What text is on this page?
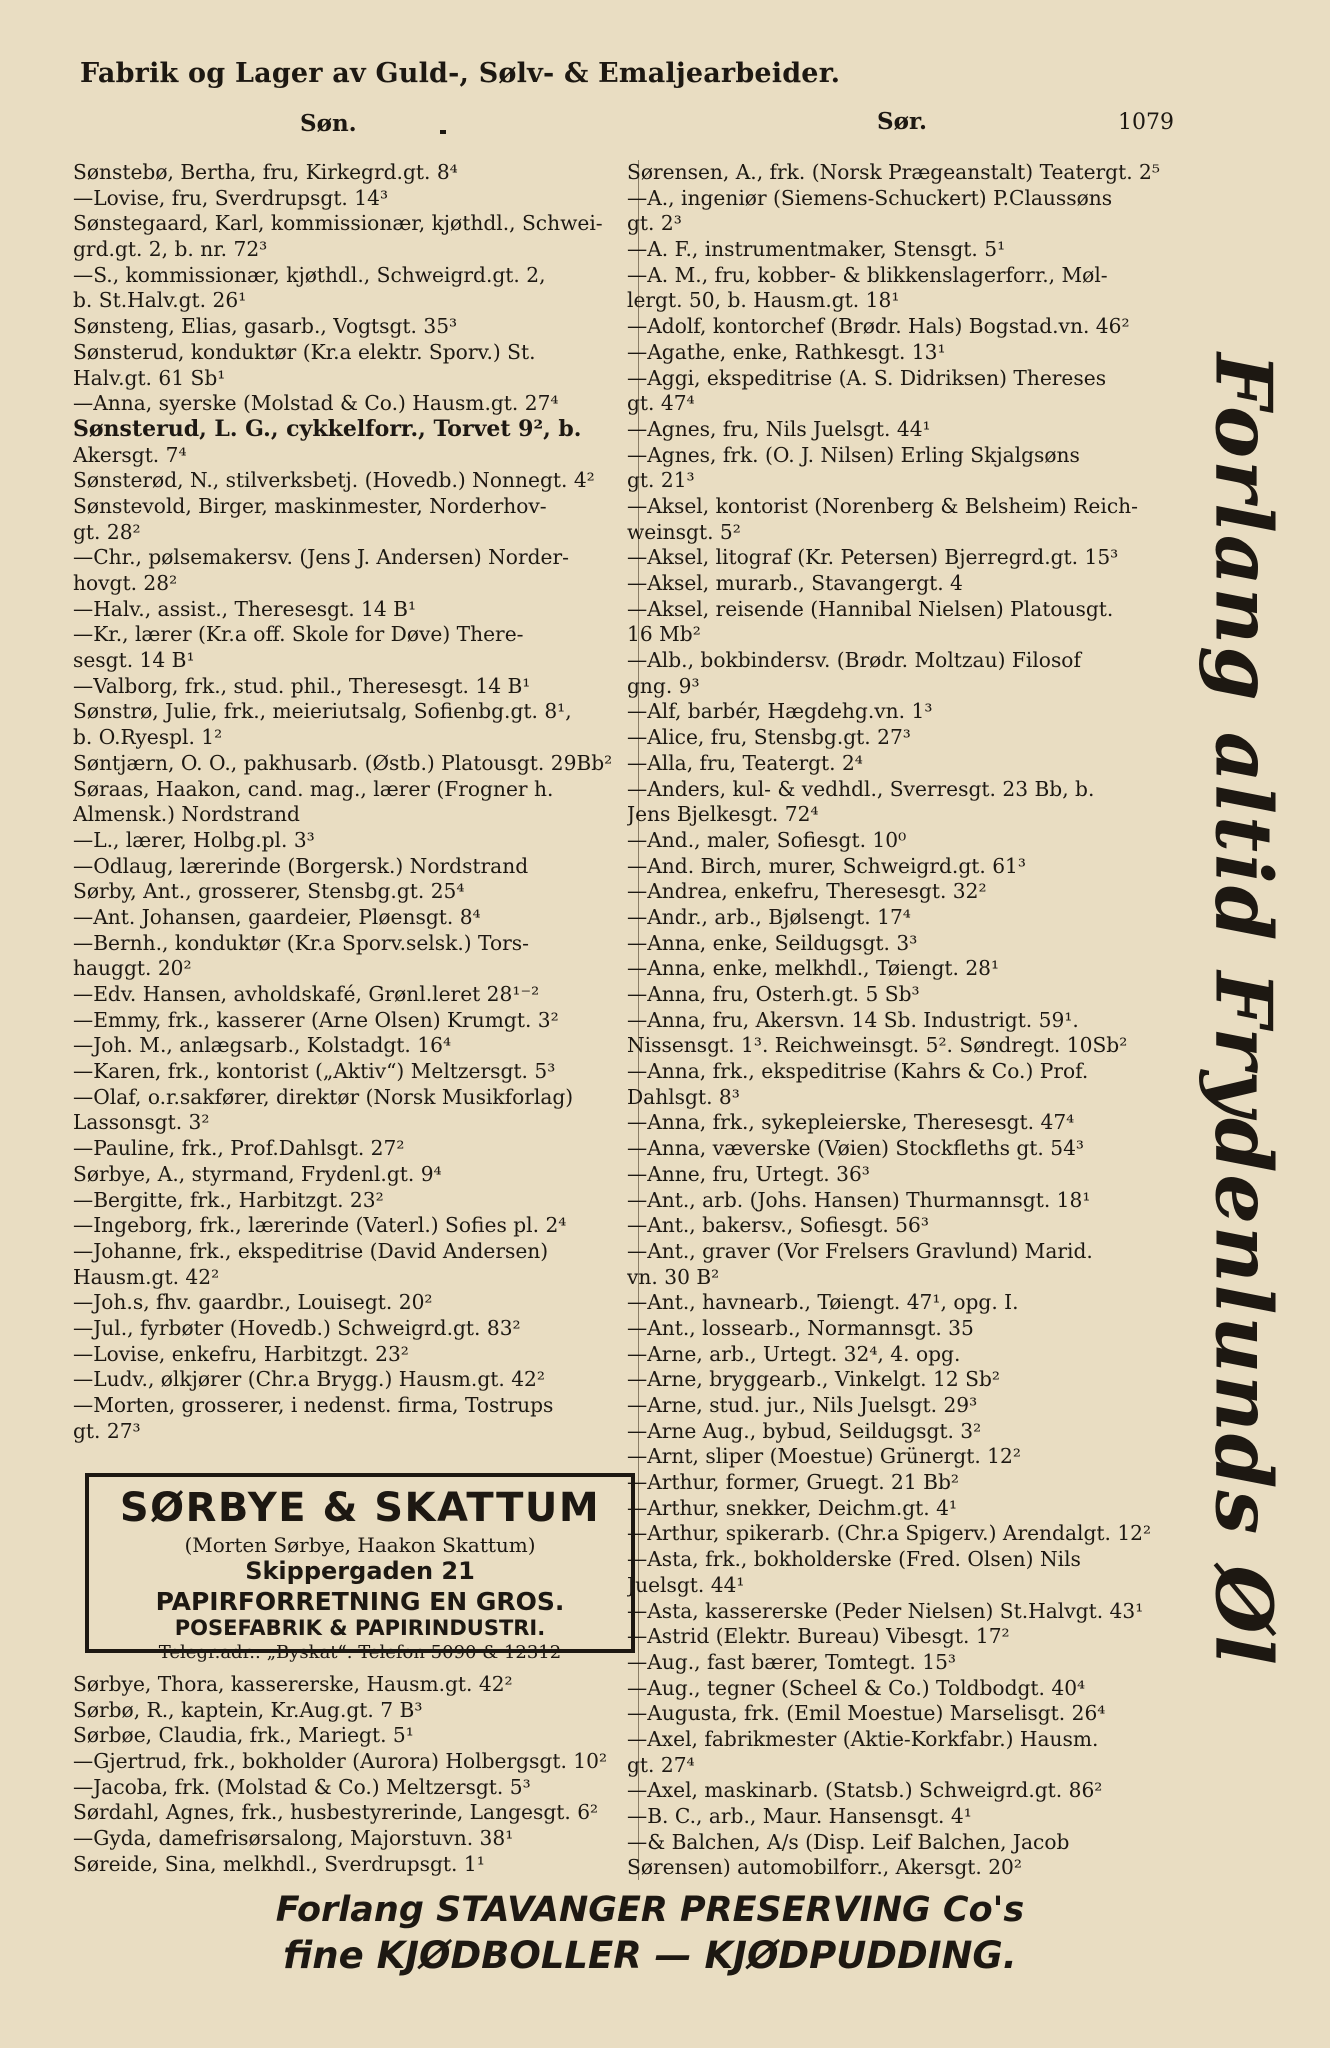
Fabrik og Lager av Guld-, Sølv- & Emaljearbeider.
Søn.	Sør.	1079
Sønstebø, Bertha, fru, Kirkegrd.gt. 8⁴
—Lovise, fru, Sverdrupsgt. 14³
Sønstegaard, Karl, kommissionær, kjøthdl., Schwei-
grd.gt. 2, b. nr. 72³
—S., kommissionær, kjøthdl., Schweigrd.gt. 2,
b. St.Halv.gt. 26¹
Sønsteng, Elias, gasarb., Vogtsgt. 35³
Sønsterud, konduktør (Kr.a elektr. Sporv.) St.
Halv.gt. 61 Sb¹
—Anna, syerske (Molstad & Co.) Hausm.gt. 27⁴
Sønsterud, L. G., cykkelforr., Torvet 9², b.
Akersgt. 7⁴
Sønsterød, N., stilverksbetj. (Hovedb.) Nonnegt. 4²
Sønstevold, Birger, maskinmester, Norderhov-
gt. 28²
—Chr., pølsemakersv. (Jens J. Andersen) Norder-
hovgt. 28²
—Halv., assist., Theresesgt. 14 B¹
—Kr., lærer (Kr.a off. Skole for Døve) There-
sesgt. 14 B¹
—Valborg, frk., stud. phil., Theresesgt. 14 B¹
Sønstrø, Julie, frk., meieriutsalg, Sofienbg.gt. 8¹,
b. O.Ryespl. 1²
Søntjærn, O. O., pakhusarb. (Østb.) Platousgt. 29Bb²
Søraas, Haakon, cand. mag., lærer (Frogner h.
Almensk.) Nordstrand
—L., lærer, Holbg.pl. 3³
—Odlaug, lærerinde (Borgersk.) Nordstrand
Sørby, Ant., grosserer, Stensbg.gt. 25⁴
—Ant. Johansen, gaardeier, Pløensgt. 8⁴
—Bernh., konduktør (Kr.a Sporv.selsk.) Tors-
hauggt. 20²
—Edv. Hansen, avholdskafé, Grønl.leret 28¹⁻²
—Emmy, frk., kasserer (Arne Olsen) Krumgt. 3²
—Joh. M., anlægsarb., Kolstadgt. 16⁴
—Karen, frk., kontorist („Aktiv“) Meltzersgt. 5³
—Olaf, o.r.sakfører, direktør (Norsk Musikforlag)
Lassonsgt. 3²
—Pauline, frk., Prof.Dahlsgt. 27²
Sørbye, A., styrmand, Frydenl.gt. 9⁴
—Bergitte, frk., Harbitzgt. 23²
—Ingeborg, frk., lærerinde (Vaterl.) Sofies pl. 2⁴
—Johanne, frk., ekspeditrise (David Andersen)
Hausm.gt. 42²
—Joh.s, fhv. gaardbr., Louisegt. 20²
—Jul., fyrbøter (Hovedb.) Schweigrd.gt. 83²
—Lovise, enkefru, Harbitzgt. 23²
—Ludv., ølkjører (Chr.a Brygg.) Hausm.gt. 42²
—Morten, grosserer, i nedenst. firma, Tostrups
gt. 27³
SØRBYE & SKATTUM
(Morten Sørbye, Haakon Skattum)
Skippergaden 21
PAPIRFORRETNING EN GROS.
POSEFABRIK & PAPIRINDUSTRI.
Telegr.adr.: „Byskat“. Telefon 5090 & 12312
Sørbye, Thora, kassererske, Hausm.gt. 42²
Sørbø, R., kaptein, Kr.Aug.gt. 7 B³
Sørbøe, Claudia, frk., Mariegt. 5¹
—Gjertrud, frk., bokholder (Aurora) Holbergsgt. 10²
—Jacoba, frk. (Molstad & Co.) Meltzersgt. 5³
Sørdahl, Agnes, frk., husbestyrerinde, Langesgt. 6²
—Gyda, damefrisørsalong, Majorstuvn. 38¹
Søreide, Sina, melkhdl., Sverdrupsgt. 1¹
Sørensen, A., frk. (Norsk Prægeanstalt) Teatergt. 2⁵
—A., ingeniør (Siemens-Schuckert) P.Claussøns
gt. 2³
—A. F., instrumentmaker, Stensgt. 5¹
—A. M., fru, kobber- & blikkenslagerforr., Møl-
lergt. 50, b. Hausm.gt. 18¹
—Adolf, kontorchef (Brødr. Hals) Bogstad.vn. 46²
—Agathe, enke, Rathkesgt. 13¹
—Aggi, ekspeditrise (A. S. Didriksen) Thereses
gt. 47⁴
—Agnes, fru, Nils Juelsgt. 44¹
—Agnes, frk. (O. J. Nilsen) Erling Skjalgsøns
gt. 21³
—Aksel, kontorist (Norenberg & Belsheim) Reich-
weinsgt. 5²
—Aksel, litograf (Kr. Petersen) Bjerregrd.gt. 15³
—Aksel, murarb., Stavangergt. 4
—Aksel, reisende (Hannibal Nielsen) Platousgt.
16 Mb²
—Alb., bokbindersv. (Brødr. Moltzau) Filosof
gng. 9³
—Alf, barbér, Hægdehg.vn. 1³
—Alice, fru, Stensbg.gt. 27³
—Alla, fru, Teatergt. 2⁴
—Anders, kul- & vedhdl., Sverresgt. 23 Bb, b.
Jens Bjelkesgt. 72⁴
—And., maler, Sofiesgt. 10⁰
—And. Birch, murer, Schweigrd.gt. 61³
—Andrea, enkefru, Theresesgt. 32²
—Andr., arb., Bjølsengt. 17⁴
—Anna, enke, Seildugsgt. 3³
—Anna, enke, melkhdl., Tøiengt. 28¹
—Anna, fru, Osterh.gt. 5 Sb³
—Anna, fru, Akersvn. 14 Sb. Industrigt. 59¹.
Nissensgt. 1³. Reichweinsgt. 5². Søndregt. 10Sb²
—Anna, frk., ekspeditrise (Kahrs & Co.) Prof.
Dahlsgt. 8³
—Anna, frk., sykepleierske, Theresesgt. 47⁴
—Anna, væverske (Vøien) Stockfleths gt. 54³
—Anne, fru, Urtegt. 36³
—Ant., arb. (Johs. Hansen) Thurmannsgt. 18¹
—Ant., bakersv., Sofiesgt. 56³
—Ant., graver (Vor Frelsers Gravlund) Marid.
vn. 30 B²
—Ant., havnearb., Tøiengt. 47¹, opg. I.
—Ant., lossearb., Normannsgt. 35
—Arne, arb., Urtegt. 32⁴, 4. opg.
—Arne, bryggearb., Vinkelgt. 12 Sb²
—Arne, stud. jur., Nils Juelsgt. 29³
—Arne Aug., bybud, Seildugsgt. 3²
—Arnt, sliper (Moestue) Grünergt. 12²
—Arthur, former, Gruegt. 21 Bb²
—Arthur, snekker, Deichm.gt. 4¹
—Arthur, spikerarb. (Chr.a Spigerv.) Arendalgt. 12²
—Asta, frk., bokholderske (Fred. Olsen) Nils
Juelsgt. 44¹
—Asta, kassererske (Peder Nielsen) St.Halvgt. 43¹
—Astrid (Elektr. Bureau) Vibesgt. 17²
—Aug., fast bærer, Tomtegt. 15³
—Aug., tegner (Scheel & Co.) Toldbodgt. 40⁴
—Augusta, frk. (Emil Moestue) Marselisgt. 26⁴
—Axel, fabrikmester (Aktie-Korkfabr.) Hausm.
gt. 27⁴
—Axel, maskinarb. (Statsb.) Schweigrd.gt. 86²
—B. C., arb., Maur. Hansensgt. 4¹
—& Balchen, A/s (Disp. Leif Balchen, Jacob
Sørensen) automobilforr., Akersgt. 20²
Forlang altid Frydenlunds Øl
Forlang STAVANGER PRESERVING Co's
fine KJØDBOLLER — KJØDPUDDING.
